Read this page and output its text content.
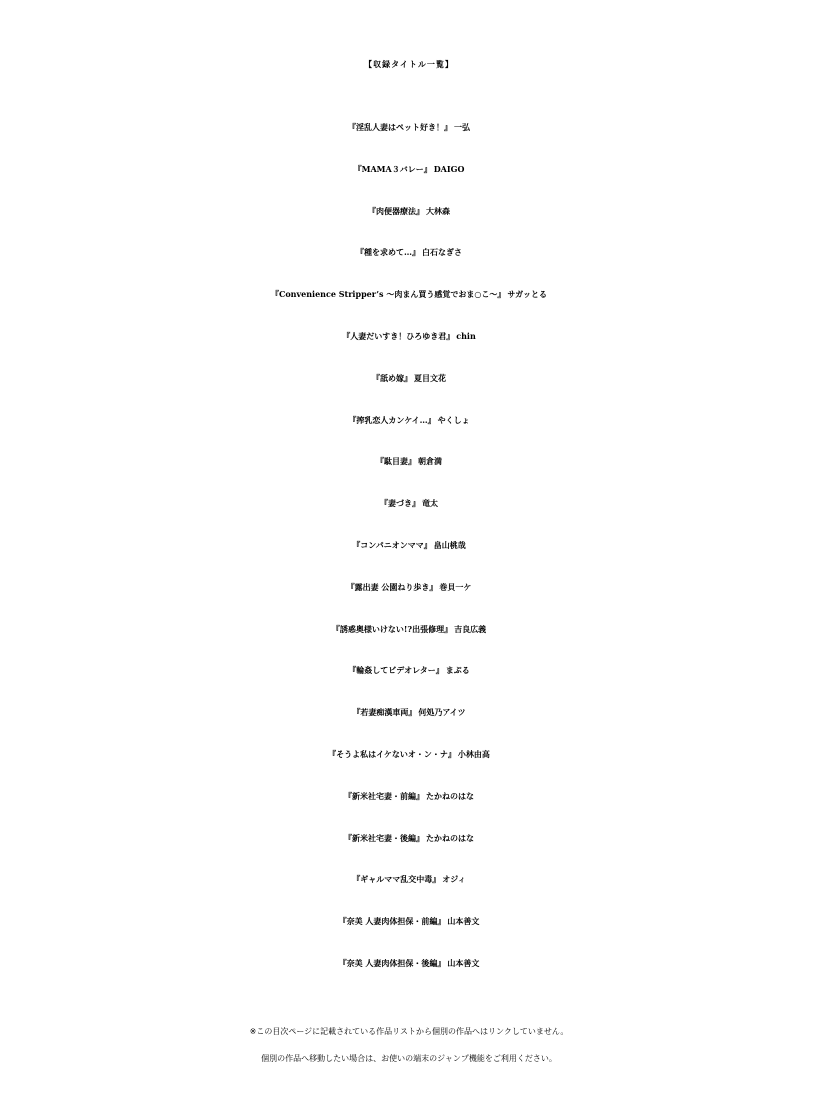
【収録タイトル一覧】
『淫乱人妻はペット好き！』 一弘
『MAMA３バレー』 DAIGO
『肉便器療法』 大林森
『種を求めて…』 白石なぎさ
『Convenience Stripper’s 〜肉まん買う感覚でおま○こ〜』 サガッとる
『人妻だいすき！ひろゆき君』 chin
『舐め嫁』 夏目文花
『搾乳恋人カンケイ…』 やくしょ
『駄目妻』 朝倉満
『妻づき』 竜太
『コンパニオンママ』 畠山桃哉
『露出妻 公園ねり歩き』 巻貝一ケ
『誘惑奥様いけない!?出張修理』 吉良広義
『輪姦してビデオレター』 まぷる
『若妻痴漢車両』 何処乃アイツ
『そうよ私はイケないオ・ン・ナ』 小林由高
『新米社宅妻・前編』 たかねのはな
『新米社宅妻・後編』 たかねのはな
『ギャルママ乱交中毒』 オジィ
『奈美 人妻肉体担保・前編』 山本善文
『奈美 人妻肉体担保・後編』 山本善文
※この目次ページに記載されている作品リストから個別の作品へはリンクしていません。
個別の作品へ移動したい場合は、お使いの端末のジャンプ機能をご利用ください。
